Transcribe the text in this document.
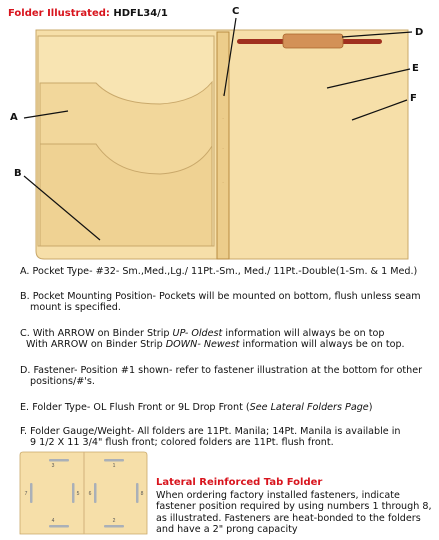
↑
·
·
·
Folder Illustrated: HDFL34/1
A
B
C
D
E
F
A. Pocket Type- #32- Sm.,Med.,Lg./ 11Pt.-Sm., Med./ 11Pt.-Double(1-Sm. & 1 Med.)
B. Pocket Mounting Position- Pockets will be mounted on bottom, flush unless seam
mount is specified.
C. With ARROW on Binder Strip UP- Oldest information will always be on top
With ARROW on Binder Strip DOWN- Newest information will always be on top.
D. Fastener- Position #1 shown- refer to fastener illustration at the bottom for other
positions/#'s.
E. Folder Type- OL Flush Front or 9L Drop Front (See Lateral Folders Page)
F. Folder Gauge/Weight- All folders are 11Pt. Manila; 14Pt. Manila is available in
9 1/2 X 11 3/4" flush front; colored folders are 11Pt. flush front.
3	1
7	5 6	8
4	2
Lateral Reinforced Tab Folder
When ordering factory installed fasteners, indicate fastener position required by using numbers 1 through 8, as illustrated. Fasteners are heat-bonded to the folders and have a 2" prong capacity
